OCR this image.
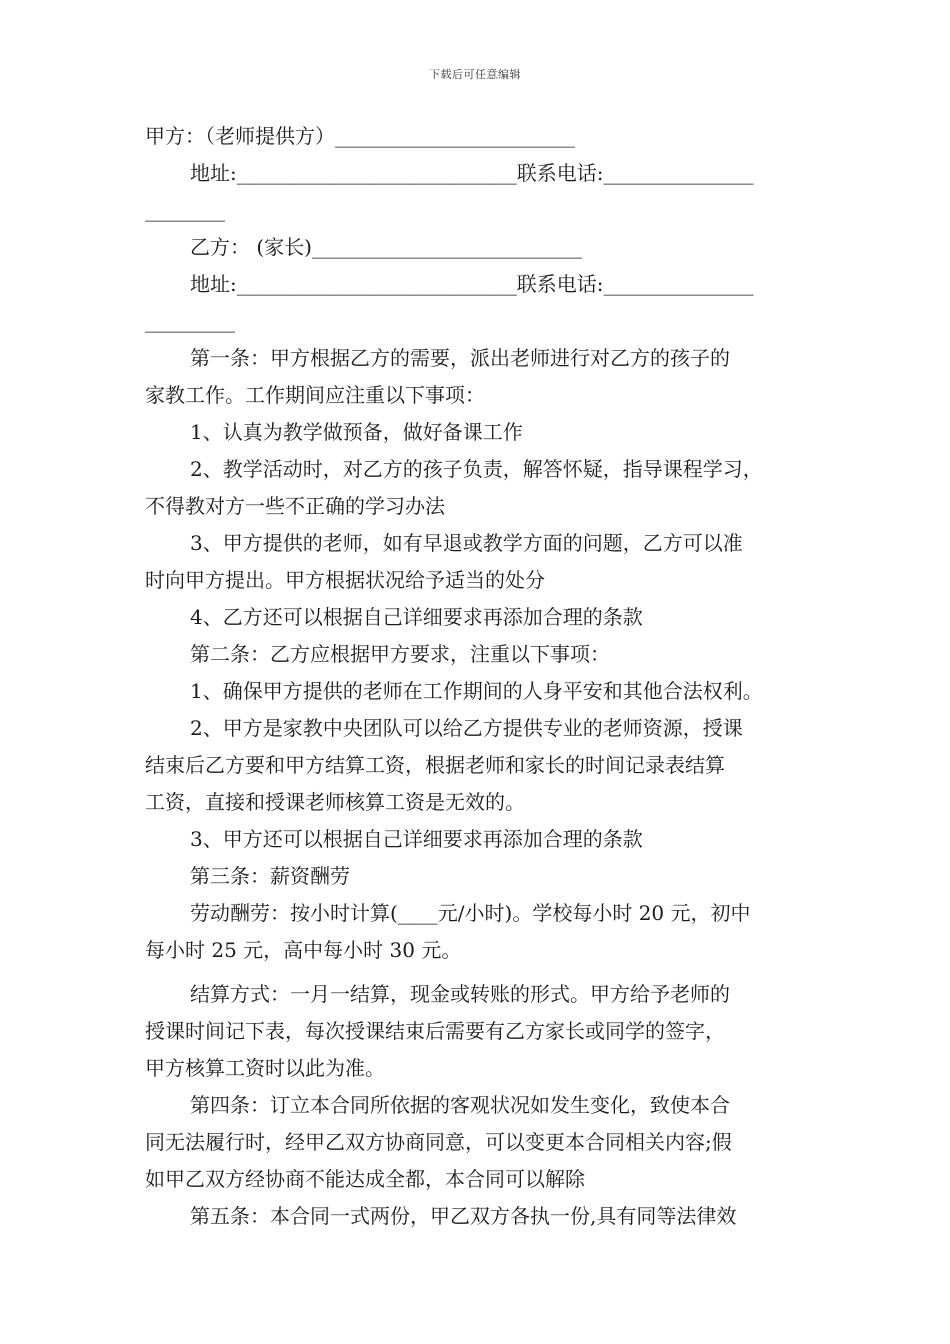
下载后可任意编辑
甲方：（老师提供方）________________________
地址:____________________________联系电话:_______________
________
乙方： (家长)___________________________
地址:____________________________联系电话:_______________
_________
第一条：甲方根据乙方的需要，派出老师进行对乙方的孩子的
家教工作。工作期间应注重以下事项：
1、认真为教学做预备，做好备课工作
2、教学活动时，对乙方的孩子负责，解答怀疑，指导课程学习，
不得教对方一些不正确的学习办法
3、甲方提供的老师，如有早退或教学方面的问题，乙方可以准
时向甲方提出。甲方根据状况给予适当的处分
4、乙方还可以根据自己详细要求再添加合理的条款
第二条：乙方应根据甲方要求，注重以下事项：
1、确保甲方提供的老师在工作期间的人身平安和其他合法权利。
2、甲方是家教中央团队可以给乙方提供专业的老师资源，授课
结束后乙方要和甲方结算工资，根据老师和家长的时间记录表结算
工资，直接和授课老师核算工资是无效的。
3、甲方还可以根据自己详细要求再添加合理的条款
第三条：薪资酬劳
劳动酬劳：按小时计算(____元/小时)。学校每小时 20 元，初中
每小时 25 元，高中每小时 30 元。
结算方式：一月一结算，现金或转账的形式。甲方给予老师的
授课时间记下表，每次授课结束后需要有乙方家长或同学的签字，
甲方核算工资时以此为准。
第四条：订立本合同所依据的客观状况如发生变化，致使本合
同无法履行时，经甲乙双方协商同意，可以变更本合同相关内容;假
如甲乙双方经协商不能达成全都，本合同可以解除
第五条：本合同一式两份，甲乙双方各执一份,具有同等法律效
